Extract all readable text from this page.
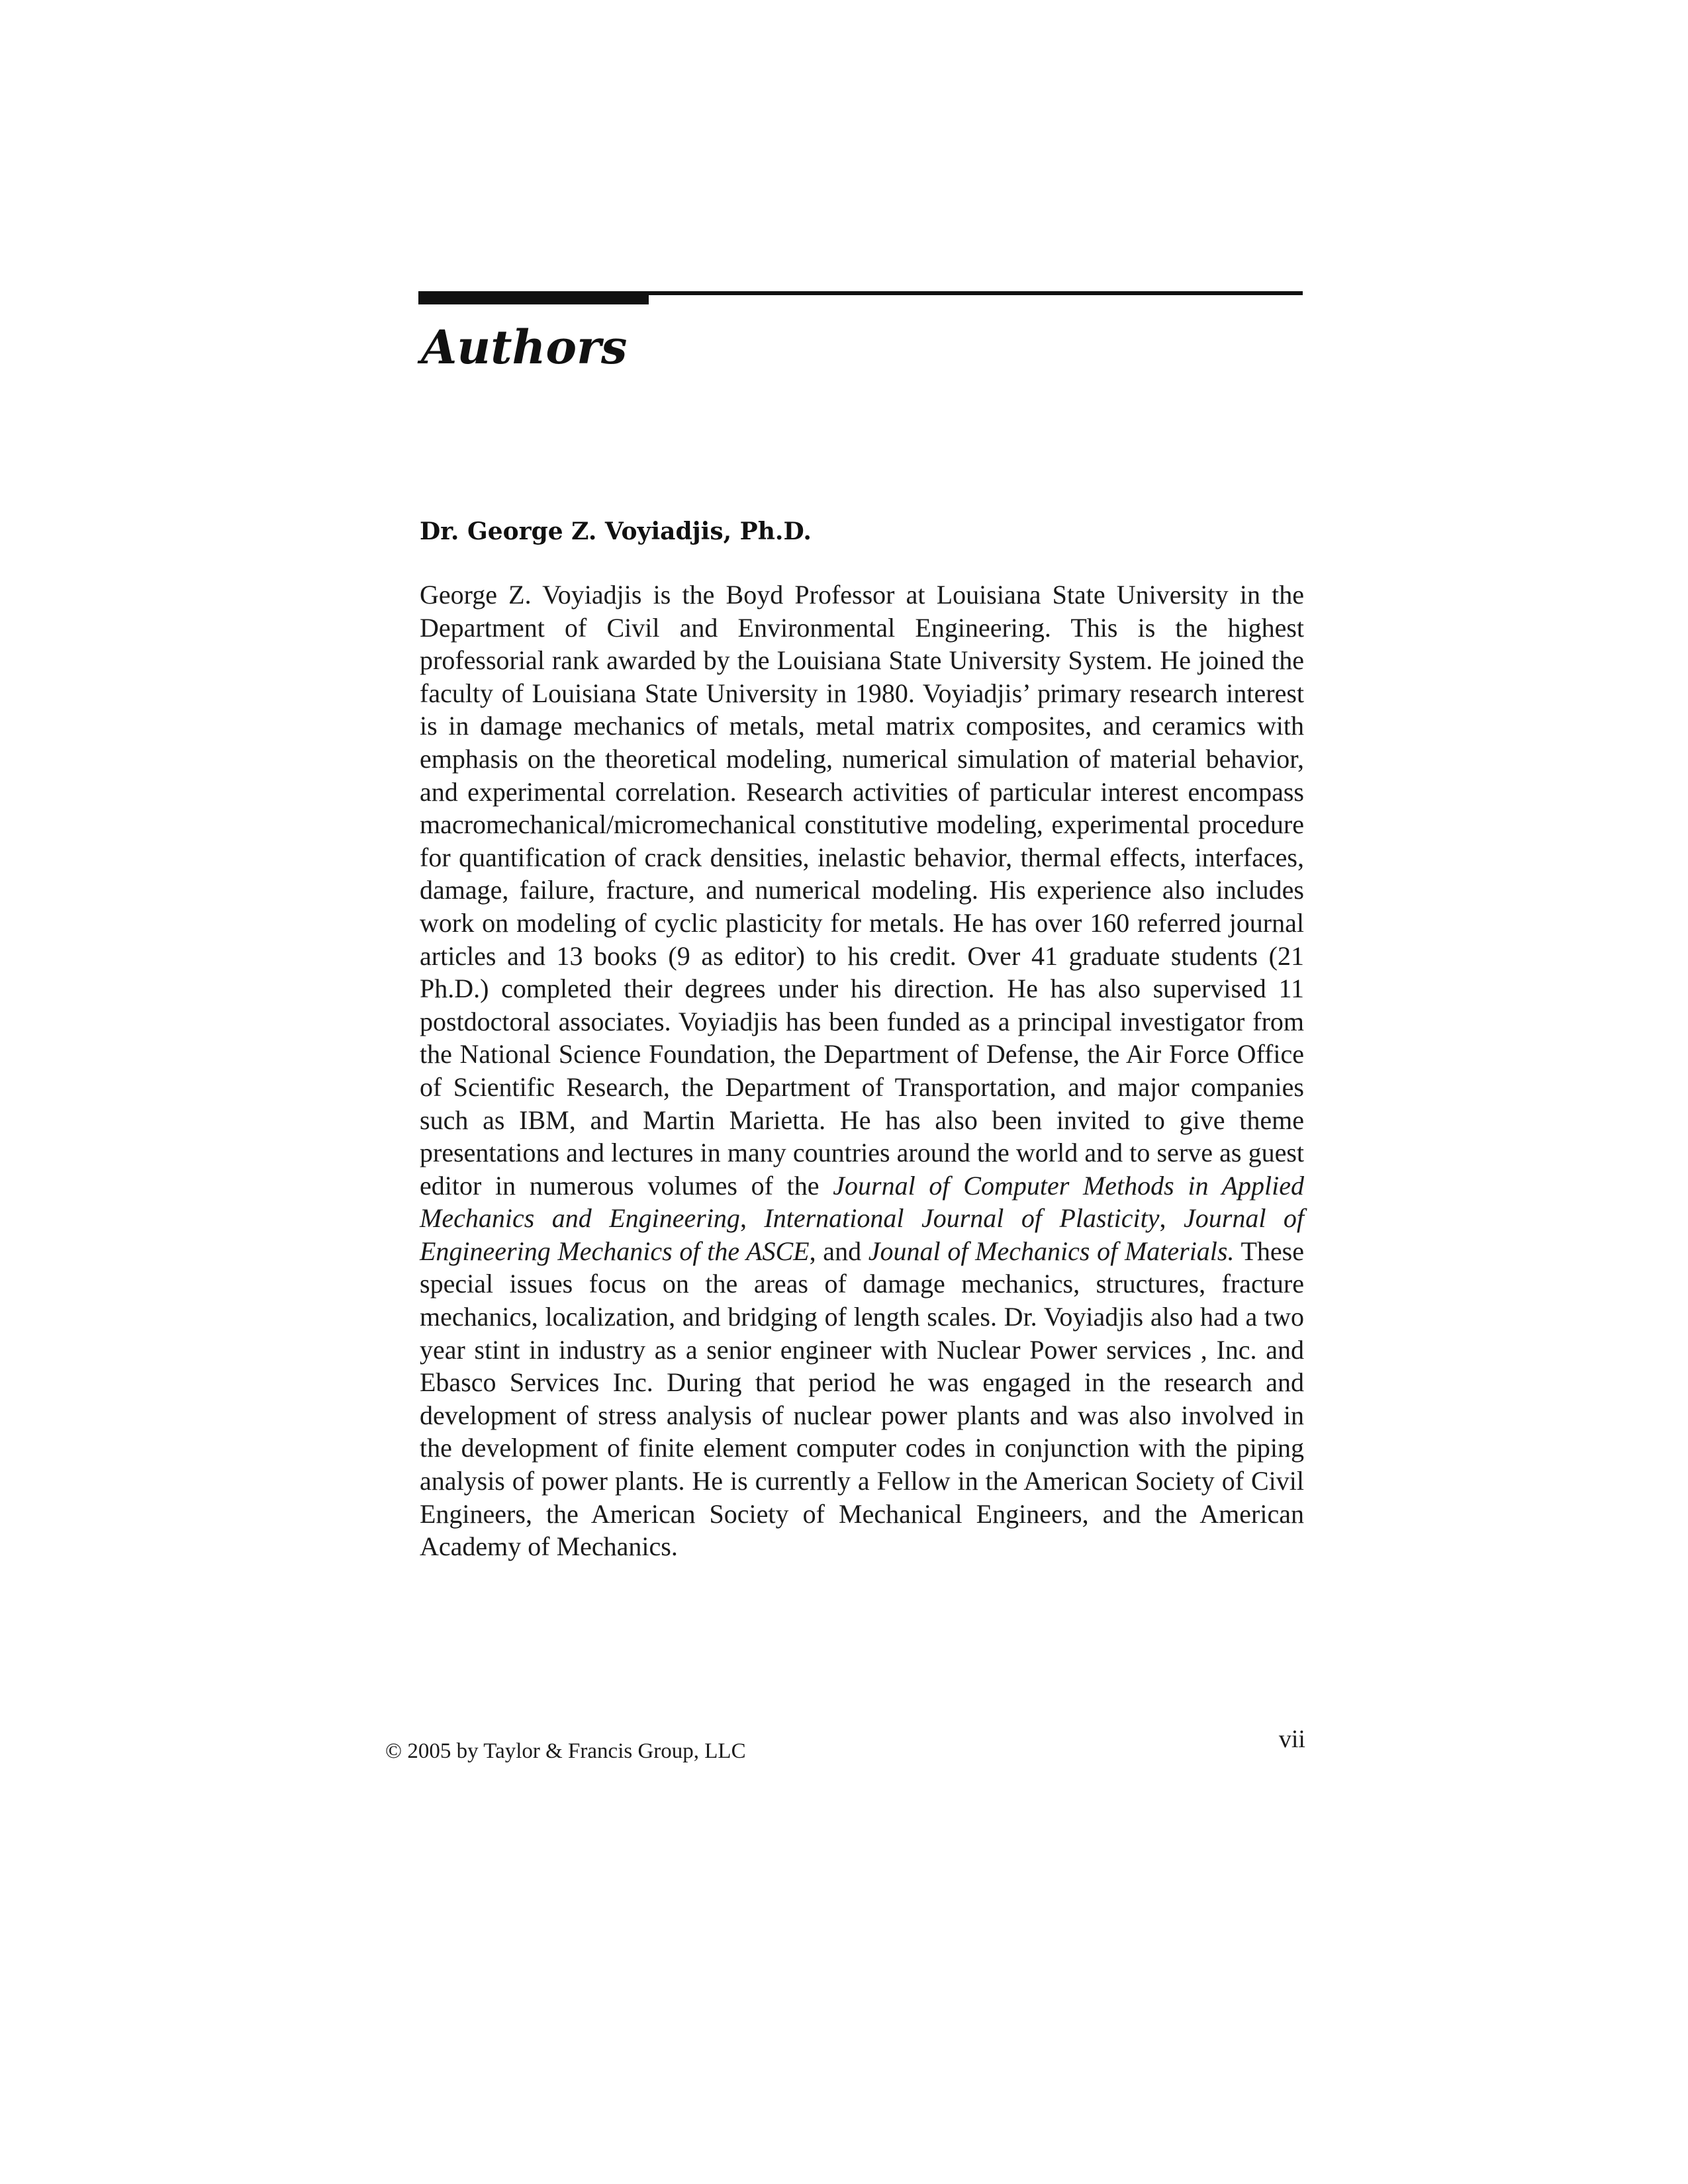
Authors
Dr. George Z. Voyiadjis, Ph.D.

George Z. Voyiadjis is the Boyd Professor at Louisiana State University in the Department of Civil and Environmental Engineering. This is the highest professorial rank awarded by the Louisiana State University System. He joined the faculty of Louisiana State University in 1980. Voyiadjis’ primary research interest is in damage mechanics of metals, metal matrix composites, and ceramics with emphasis on the theoretical modeling, numerical simulation of material behavior, and experimental correlation. Research activities of particular interest encompass macromechanical/micromechanical constitutive modeling, experimental procedure for quantification of crack densities, inelastic behavior, thermal effects, interfaces, damage, failure, fracture, and numerical modeling. His experience also includes work on modeling of cyclic plasticity for metals. He has over 160 referred journal articles and 13 books (9 as editor) to his credit. Over 41 graduate students (21 Ph.D.) completed their degrees under his direction. He has also supervised 11 postdoctoral associates. Voyiadjis has been funded as a principal investigator from the National Science Foundation, the Department of Defense, the Air Force Office of Scientific Research, the Department of Transportation, and major companies such as IBM, and Martin Marietta. He has also been invited to give theme presentations and lectures in many countries around the world and to serve as guest editor in numerous volumes of the Journal of Computer Methods in Applied Mechanics and Engineering, International Journal of Plasticity, Journal of Engineering Mechanics of the ASCE, and Jounal of Mechanics of Materials. These special issues focus on the areas of damage mechanics, structures, fracture mechanics, localization, and bridging of length scales. Dr. Voyiadjis also had a two year stint in industry as a senior engineer with Nuclear Power services , Inc. and Ebasco Services Inc. During that period he was engaged in the research and development of stress analysis of nuclear power plants and was also involved in the development of finite element computer codes in conjunction with the piping analysis of power plants. He is currently a Fellow in the American Society of Civil Engineers, the American Society of Mechanical Engineers, and the American Academy of Mechanics.

© 2005 by Taylor & Francis Group, LLC	vii
